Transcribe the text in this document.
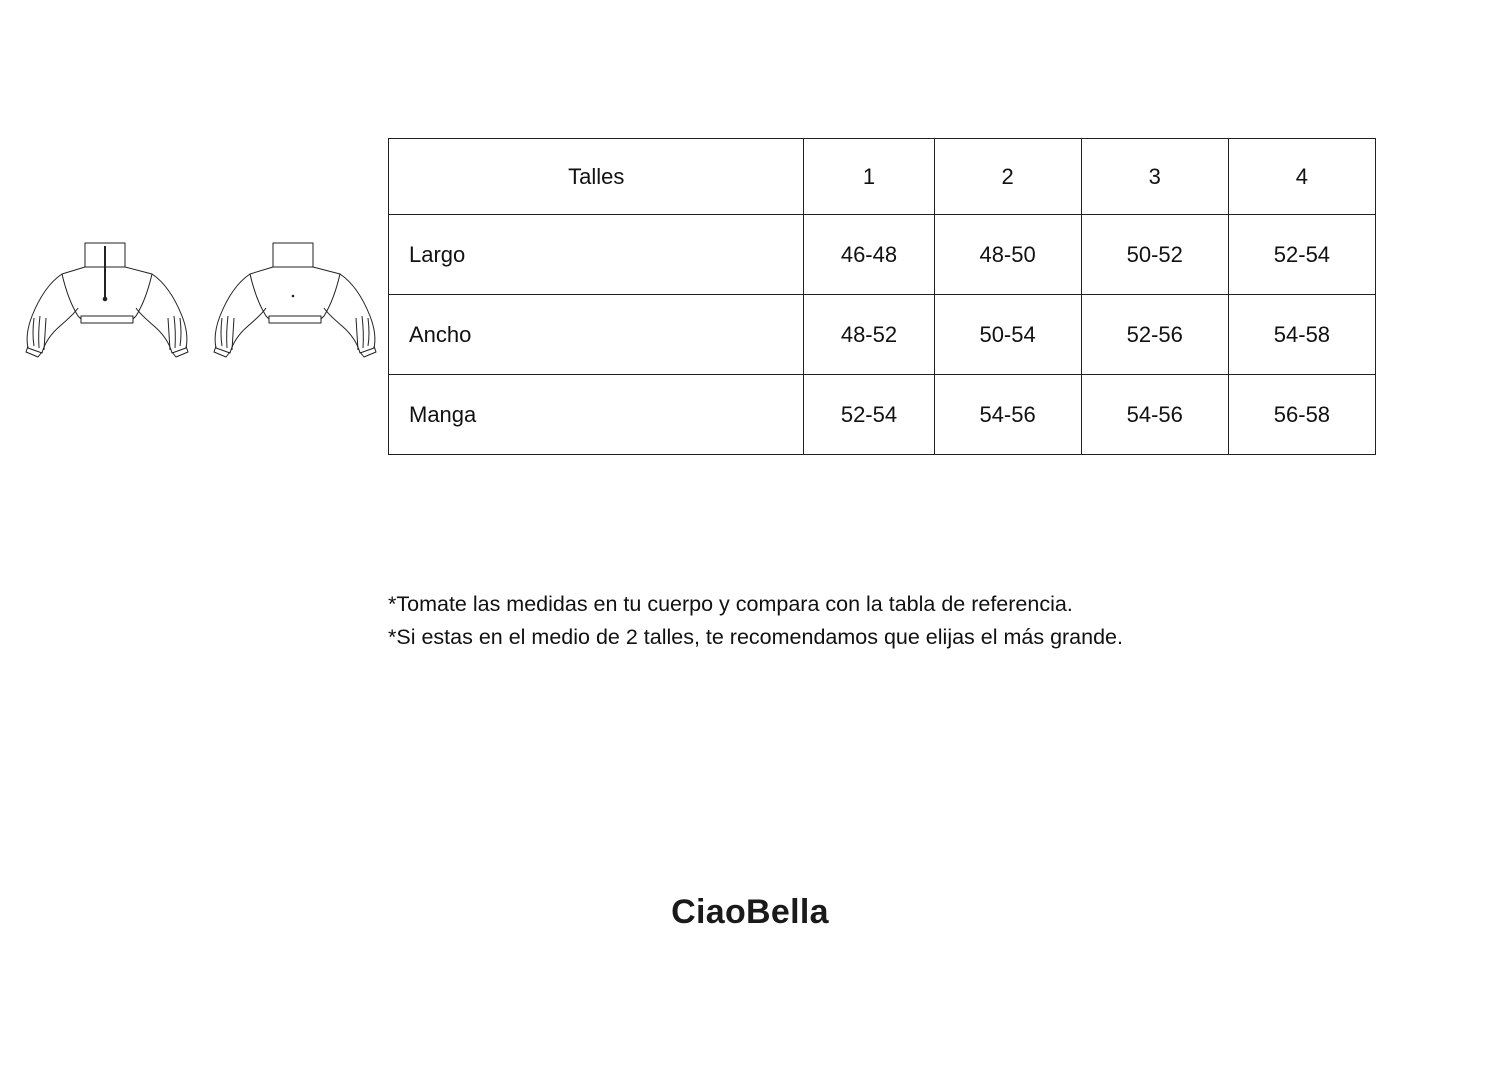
Talles	1	2	3	4
Largo	46-48	48-50	50-52	52-54
Ancho	48-52	50-54	52-56	54-58
Manga	52-54	54-56	54-56	56-58

*Tomate las medidas en tu cuerpo y compara con la tabla de referencia.

*Si estas en el medio de 2 talles, te recomendamos que elijas el más grande.

CiaoBella
